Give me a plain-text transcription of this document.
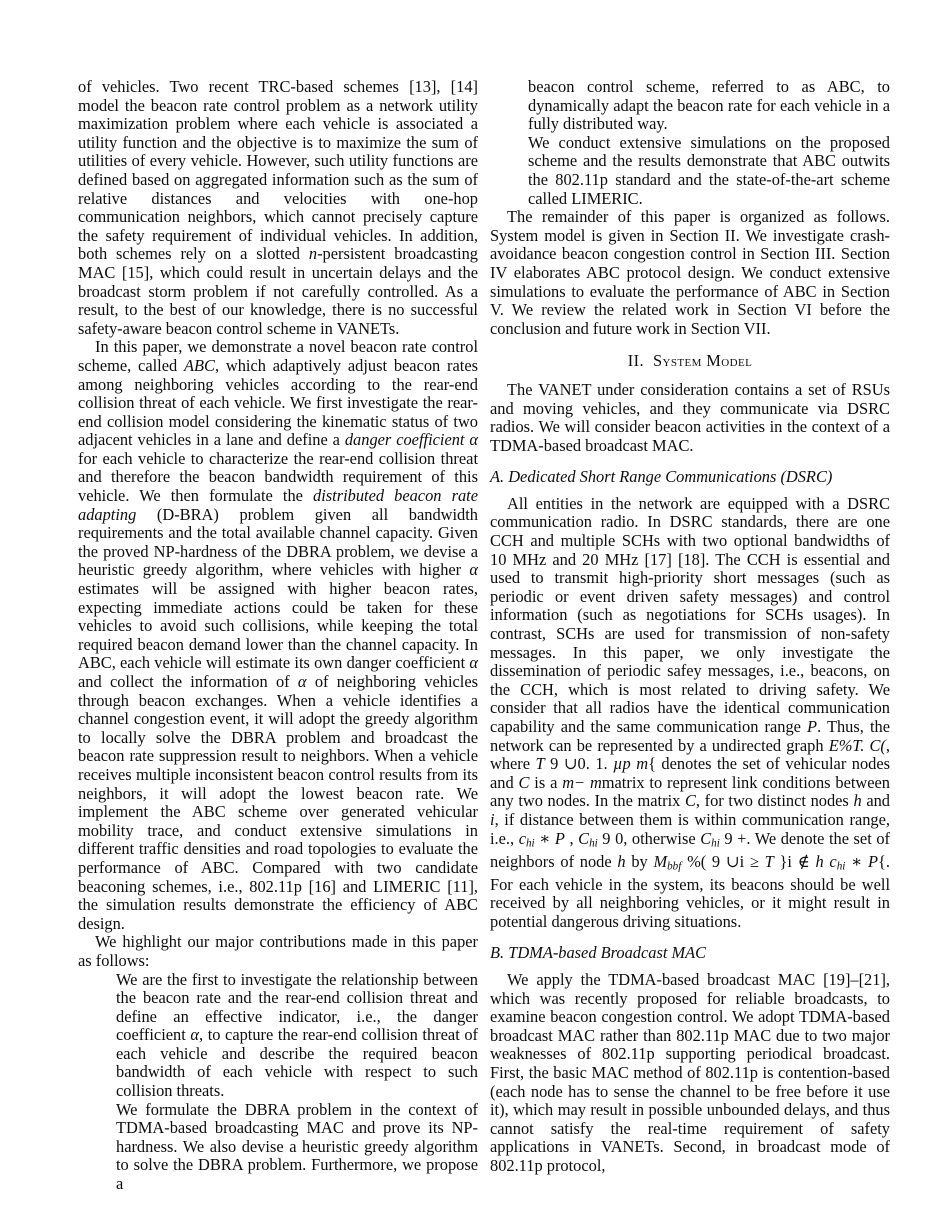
of vehicles. Two recent TRC-based schemes [13], [14] model the beacon rate control problem as a network utility maximization problem where each vehicle is associated a utility function and the objective is to maximize the sum of utilities of every vehicle. However, such utility functions are defined based on aggregated information such as the sum of relative distances and velocities with one-hop communication neighbors, which cannot precisely capture the safety requirement of individual vehicles. In addition, both schemes rely on a slotted n-persistent broadcasting MAC [15], which could result in uncertain delays and the broadcast storm problem if not carefully controlled. As a result, to the best of our knowledge, there is no successful safety-aware beacon control scheme in VANETs.
In this paper, we demonstrate a novel beacon rate control scheme, called ABC, which adaptively adjust beacon rates among neighboring vehicles according to the rear-end collision threat of each vehicle. We first investigate the rear-end collision model considering the kinematic status of two adjacent vehicles in a lane and define a danger coefficient α for each vehicle to characterize the rear-end collision threat and therefore the beacon bandwidth requirement of this vehicle. We then formulate the distributed beacon rate adapting (D-BRA) problem given all bandwidth requirements and the total available channel capacity. Given the proved NP-hardness of the DBRA problem, we devise a heuristic greedy algorithm, where vehicles with higher α estimates will be assigned with higher beacon rates, expecting immediate actions could be taken for these vehicles to avoid such collisions, while keeping the total required beacon demand lower than the channel capacity. In ABC, each vehicle will estimate its own danger coefficient α and collect the information of α of neighboring vehicles through beacon exchanges. When a vehicle identifies a channel congestion event, it will adopt the greedy algorithm to locally solve the DBRA problem and broadcast the beacon rate suppression result to neighbors. When a vehicle receives multiple inconsistent beacon control results from its neighbors, it will adopt the lowest beacon rate. We implement the ABC scheme over generated vehicular mobility trace, and conduct extensive simulations in different traffic densities and road topologies to evaluate the performance of ABC. Compared with two candidate beaconing schemes, i.e., 802.11p [16] and LIMERIC [11], the simulation results demonstrate the efficiency of ABC design.
We highlight our major contributions made in this paper as follows:
We are the first to investigate the relationship between the beacon rate and the rear-end collision threat and define an effective indicator, i.e., the danger coefficient α, to capture the rear-end collision threat of each vehicle and describe the required beacon bandwidth of each vehicle with respect to such collision threats.
We formulate the DBRA problem in the context of TDMA-based broadcasting MAC and prove its NP-hardness. We also devise a heuristic greedy algorithm to solve the DBRA problem. Furthermore, we propose a
beacon control scheme, referred to as ABC, to dynamically adapt the beacon rate for each vehicle in a fully distributed way.
We conduct extensive simulations on the proposed scheme and the results demonstrate that ABC outwits the 802.11p standard and the state-of-the-art scheme called LIMERIC.
The remainder of this paper is organized as follows. System model is given in Section II. We investigate crash-avoidance beacon congestion control in Section III. Section IV elaborates ABC protocol design. We conduct extensive simulations to evaluate the performance of ABC in Section V. We review the related work in Section VI before the conclusion and future work in Section VII.
II.  System Model
The VANET under consideration contains a set of RSUs and moving vehicles, and they communicate via DSRC radios. We will consider beacon activities in the context of a TDMA-based broadcast MAC.
A. Dedicated Short Range Communications (DSRC)
All entities in the network are equipped with a DSRC communication radio. In DSRC standards, there are one CCH and multiple SCHs with two optional bandwidths of 10 MHz and 20 MHz [17] [18]. The CCH is essential and used to transmit high-priority short messages (such as periodic or event driven safety messages) and control information (such as negotiations for SCHs usages). In contrast, SCHs are used for transmission of non-safety messages. In this paper, we only investigate the dissemination of periodic safey messages, i.e., beacons, on the CCH, which is most related to driving safety. We consider that all radios have the identical communication capability and the same communication range P. Thus, the network can be represented by a undirected graph E%T. C(, where T 9 ∪0. 1. µp m{ denotes the set of vehicular nodes and C is a m− mmatrix to represent link conditions between any two nodes. In the matrix C, for two distinct nodes h and i, if distance between them is within communication range, i.e., chi ∗ P , Chi 9 0, otherwise Chi 9 +. We denote the set of neighbors of node h by Mbbf %( 9 ∪i ≥ T }i ∉ h chi ∗ P{. For each vehicle in the system, its beacons should be well received by all neighboring vehicles, or it might result in potential dangerous driving situations.
B. TDMA-based Broadcast MAC
We apply the TDMA-based broadcast MAC [19]–[21], which was recently proposed for reliable broadcasts, to examine beacon congestion control. We adopt TDMA-based broadcast MAC rather than 802.11p MAC due to two major weaknesses of 802.11p supporting periodical broadcast. First, the basic MAC method of 802.11p is contention-based (each node has to sense the channel to be free before it use it), which may result in possible unbounded delays, and thus cannot satisfy the real-time requirement of safety applications in VANETs. Second, in broadcast mode of 802.11p protocol,
